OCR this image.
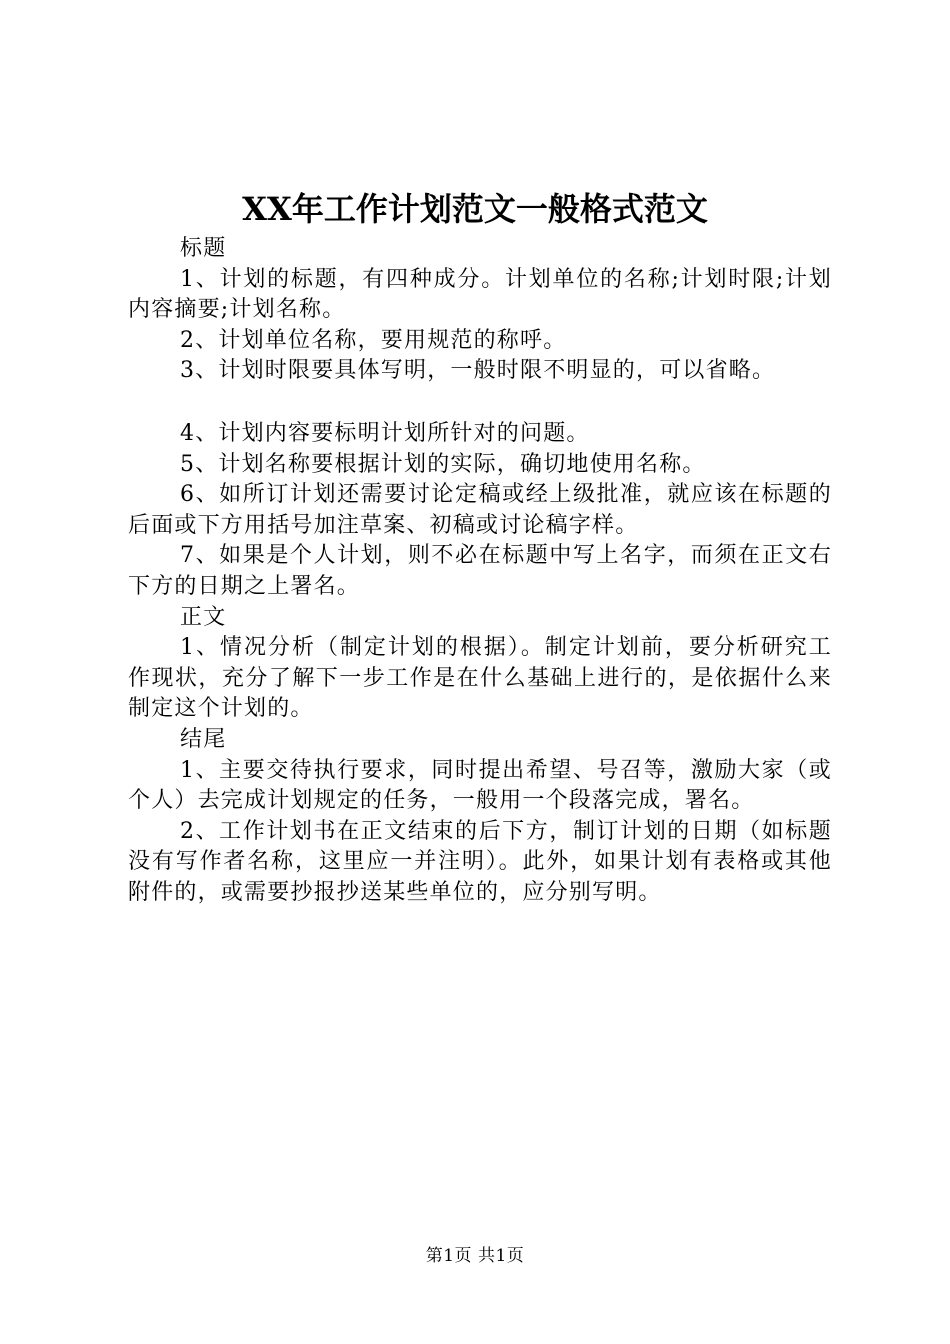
XX年工作计划范文一般格式范文

标题

1、计划的标题，有四种成分。计划单位的名称;计划时限;计划内容摘要;计划名称。

2、计划单位名称，要用规范的称呼。

3、计划时限要具体写明，一般时限不明显的，可以省略。

4、计划内容要标明计划所针对的问题。

5、计划名称要根据计划的实际，确切地使用名称。

6、如所订计划还需要讨论定稿或经上级批准，就应该在标题的后面或下方用括号加注草案、初稿或讨论稿字样。

7、如果是个人计划，则不必在标题中写上名字，而须在正文右下方的日期之上署名。

正文

1、情况分析（制定计划的根据）。制定计划前，要分析研究工作现状，充分了解下一步工作是在什么基础上进行的，是依据什么来制定这个计划的。

结尾

1、主要交待执行要求，同时提出希望、号召等，激励大家（或个人）去完成计划规定的任务，一般用一个段落完成，署名。

2、工作计划书在正文结束的后下方，制订计划的日期（如标题没有写作者名称，这里应一并注明）。此外，如果计划有表格或其他附件的，或需要抄报抄送某些单位的，应分别写明。

第1页 共1页
